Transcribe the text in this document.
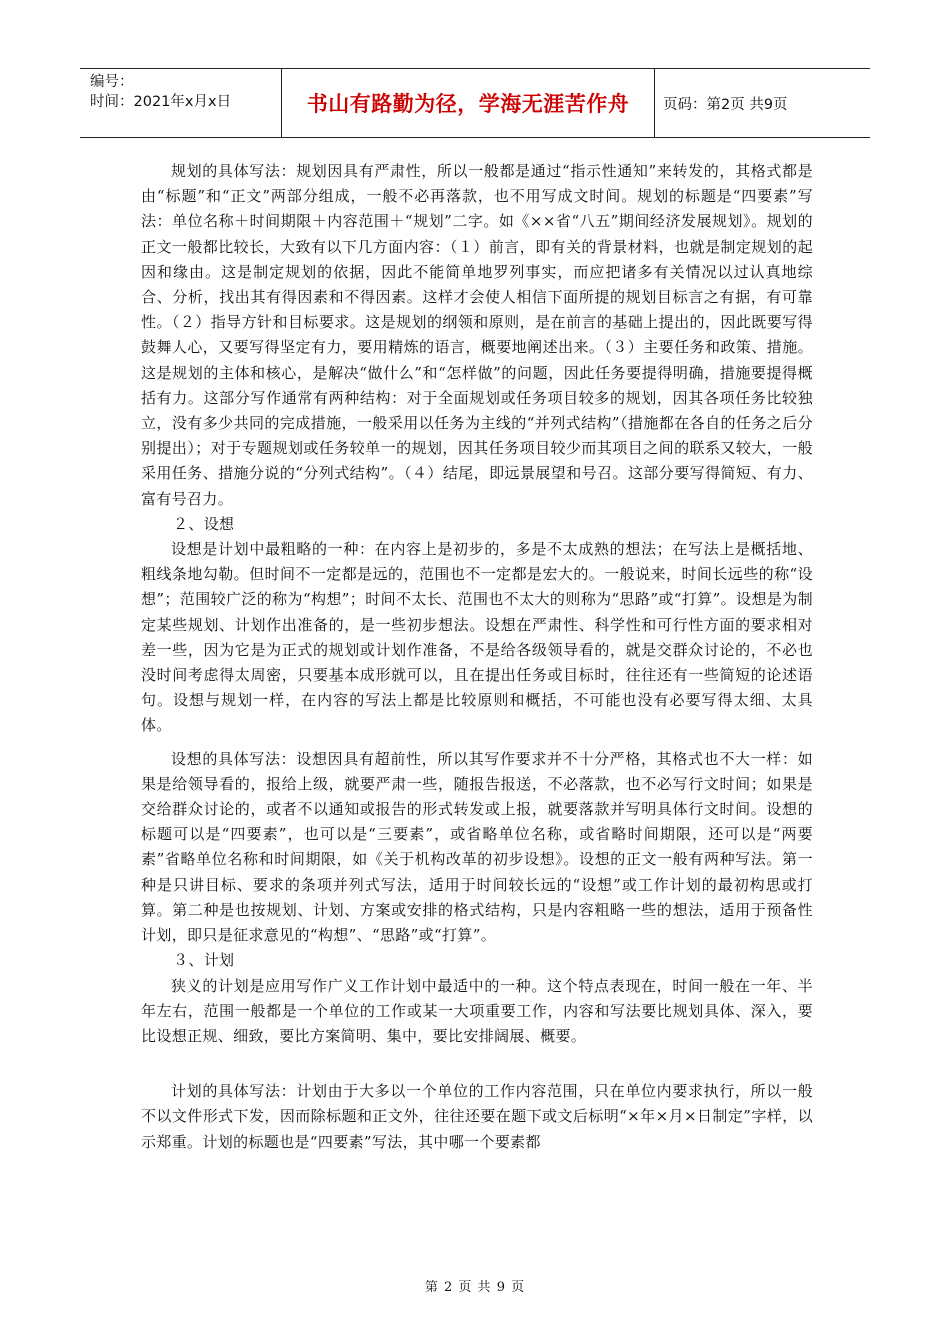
编号：
时间：2021年x月x日	书山有路勤为径，学海无涯苦作舟	页码：第2页 共9页

规划的具体写法：规划因具有严肃性，所以一般都是通过“指示性通知”来转发的，其格式都是由“标题”和“正文”两部分组成，一般不必再落款，也不用写成文时间。规划的标题是“四要素”写法：单位名称＋时间期限＋内容范围＋“规划”二字。如《××省“八五”期间经济发展规划》。规划的正文一般都比较长，大致有以下几方面内容：（１）前言，即有关的背景材料，也就是制定规划的起因和缘由。这是制定规划的依据，因此不能简单地罗列事实，而应把诸多有关情况以过认真地综合、分析，找出其有得因素和不得因素。这样才会使人相信下面所提的规划目标言之有据，有可靠性。（２）指导方针和目标要求。这是规划的纲领和原则，是在前言的基础上提出的，因此既要写得鼓舞人心，又要写得坚定有力，要用精炼的语言，概要地阐述出来。（３）主要任务和政策、措施。这是规划的主体和核心，是解决“做什么”和“怎样做”的问题，因此任务要提得明确，措施要提得概括有力。这部分写作通常有两种结构：对于全面规划或任务项目较多的规划，因其各项任务比较独立，没有多少共同的完成措施，一般采用以任务为主线的“并列式结构”（措施都在各自的任务之后分别提出）；对于专题规划或任务较单一的规划，因其任务项目较少而其项目之间的联系又较大，一般采用任务、措施分说的“分列式结构”。（４）结尾，即远景展望和号召。这部分要写得简短、有力、富有号召力。

２、设想

设想是计划中最粗略的一种：在内容上是初步的，多是不太成熟的想法；在写法上是概括地、粗线条地勾勒。但时间不一定都是远的，范围也不一定都是宏大的。一般说来，时间长远些的称“设想”；范围较广泛的称为“构想”；时间不太长、范围也不太大的则称为“思路”或“打算”。设想是为制定某些规划、计划作出准备的，是一些初步想法。设想在严肃性、科学性和可行性方面的要求相对差一些，因为它是为正式的规划或计划作准备，不是给各级领导看的，就是交群众讨论的，不必也没时间考虑得太周密，只要基本成形就可以，且在提出任务或目标时，往往还有一些简短的论述语句。设想与规划一样，在内容的写法上都是比较原则和概括，不可能也没有必要写得太细、太具体。

设想的具体写法：设想因具有超前性，所以其写作要求并不十分严格，其格式也不大一样：如果是给领导看的，报给上级，就要严肃一些，随报告报送，不必落款，也不必写行文时间；如果是交给群众讨论的，或者不以通知或报告的形式转发或上报，就要落款并写明具体行文时间。设想的标题可以是“四要素”，也可以是“三要素”，或省略单位名称，或省略时间期限，还可以是“两要素”省略单位名称和时间期限，如《关于机构改革的初步设想》。设想的正文一般有两种写法。第一种是只讲目标、要求的条项并列式写法，适用于时间较长远的“设想”或工作计划的最初构思或打算。第二种是也按规划、计划、方案或安排的格式结构，只是内容粗略一些的想法，适用于预备性计划，即只是征求意见的“构想”、“思路”或“打算”。

３、计划

狭义的计划是应用写作广义工作计划中最适中的一种。这个特点表现在，时间一般在一年、半年左右，范围一般都是一个单位的工作或某一大项重要工作，内容和写法要比规划具体、深入，要比设想正规、细致，要比方案简明、集中，要比安排阔展、概要。

计划的具体写法：计划由于大多以一个单位的工作内容范围，只在单位内要求执行，所以一般不以文件形式下发，因而除标题和正文外，往往还要在题下或文后标明“×年×月×日制定”字样，以示郑重。计划的标题也是“四要素”写法，其中哪一个要素都

第 2 页 共 9 页
